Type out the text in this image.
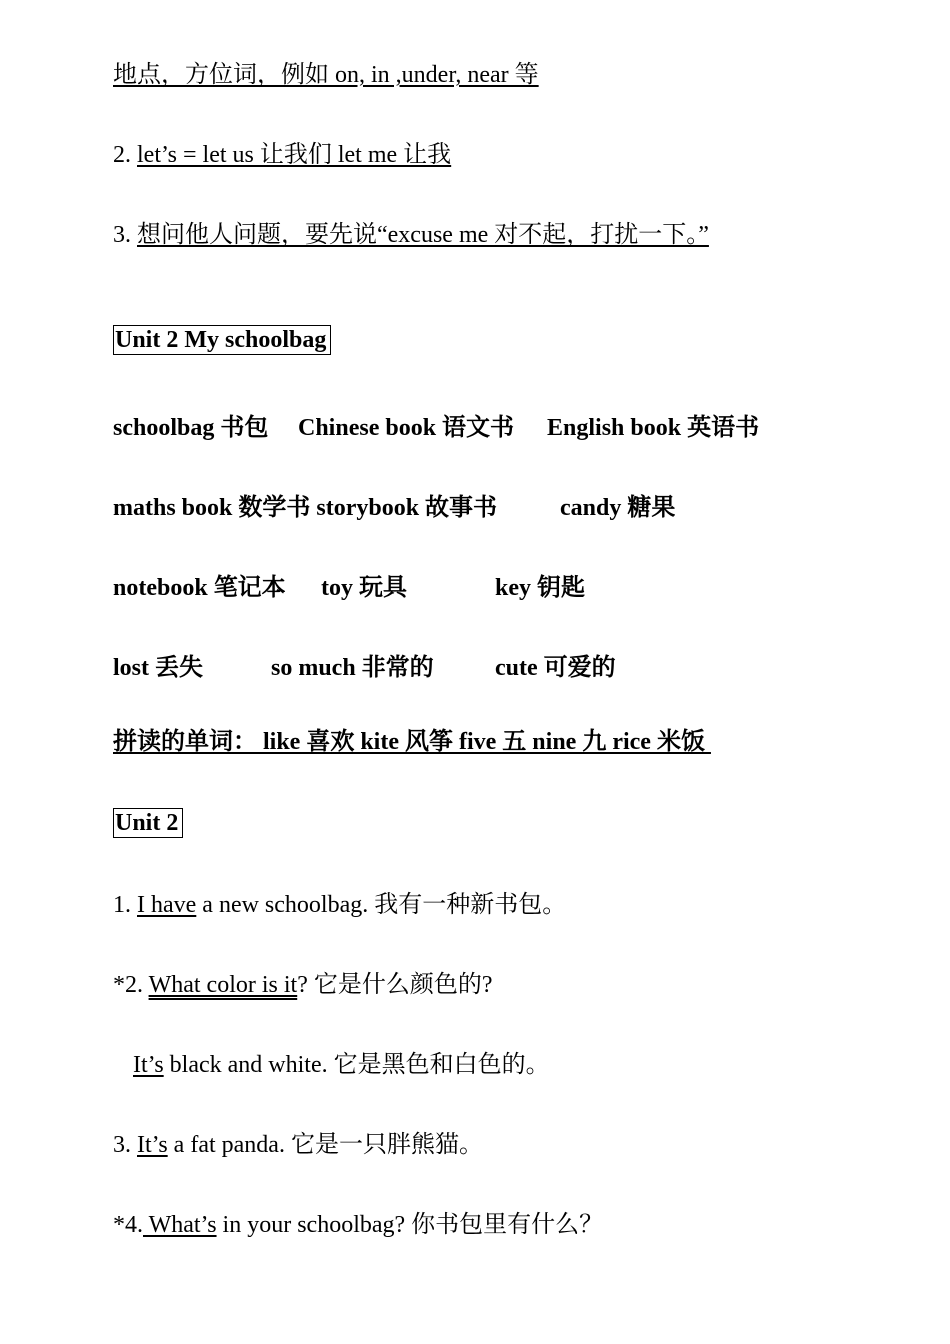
地点，方位词，例如 on, in ,under, near 等
2. let’s = let us 让我们 let me 让我
3. 想问他人问题，要先说“excuse me 对不起，打扰一下。”
Unit 2 My schoolbag
schoolbag 书包 Chinese book 语文书 English book 英语书
maths book 数学书 storybook 故事书	candy 糖果
notebook 笔记本 toy 玩具	key 钥匙
lost 丢失	so much 非常的	cute 可爱的
拼读的单词： like 喜欢 kite 风筝 five 五 nine 九 rice 米饭
Unit 2
1. I have a new schoolbag. 我有一种新书包。
*2. What color is it? 它是什么颜色的?
It’s black and white. 它是黑色和白色的。
3. It’s a fat panda. 它是一只胖熊猫。
*4. What’s in your schoolbag? 你书包里有什么？
